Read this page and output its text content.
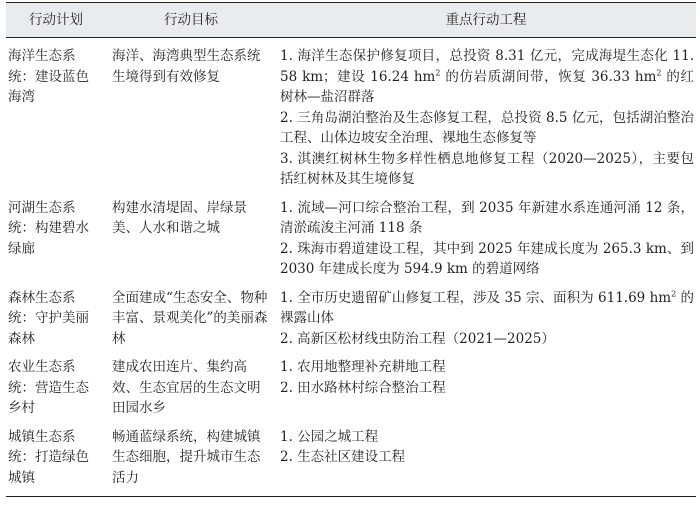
行动计划	行动目标	重点行动工程
海洋生态系统：建设蓝色海湾	海洋、海湾典型生态系统生境得到有效修复	1. 海洋生态保护修复项目，总投资 8.31 亿元，完成海堤生态化 11.58 km；建设 16.24 $hm^2$ 的仿岩质湖间带，恢复 36.33 $hm^2$ 的红树林—盐沼群落
2. 三角岛湖泊整治及生态修复工程，总投资 8.5 亿元，包括湖泊整治工程、山体边坡安全治理、裸地生态修复等
3. 淇澳红树林生物多样性栖息地修复工程（2020—2025），主要包括红树林及其生境修复

河湖生态系统：构建碧水绿廊	构建水清堤固、岸绿景美、人水和谐之城	1. 流域—河口综合整治工程，到 2035 年新建水系连通河涌 12 条，清淤疏浚主河涌 118 条
2. 珠海市碧道建设工程，其中到 2025 年建成长度为 265.3 km、到 2030 年建成长度为 594.9 km 的碧道网络

森林生态系统：守护美丽森林	全面建成“生态安全、物种丰富、景观美化”的美丽森林	1. 全市历史遗留矿山修复工程，涉及 35 宗、面积为 611.69 $hm^2$ 的裸露山体
2. 高新区松材线虫防治工程（2021—2025）

农业生态系统：营造生态乡村	建成农田连片、集约高效、生态宜居的生态文明田园水乡	1. 农用地整理补充耕地工程
2. 田水路林村综合整治工程

城镇生态系统：打造绿色城镇	畅通蓝绿系统，构建城镇生态细胞，提升城市生态活力	1. 公园之城工程
2. 生态社区建设工程
